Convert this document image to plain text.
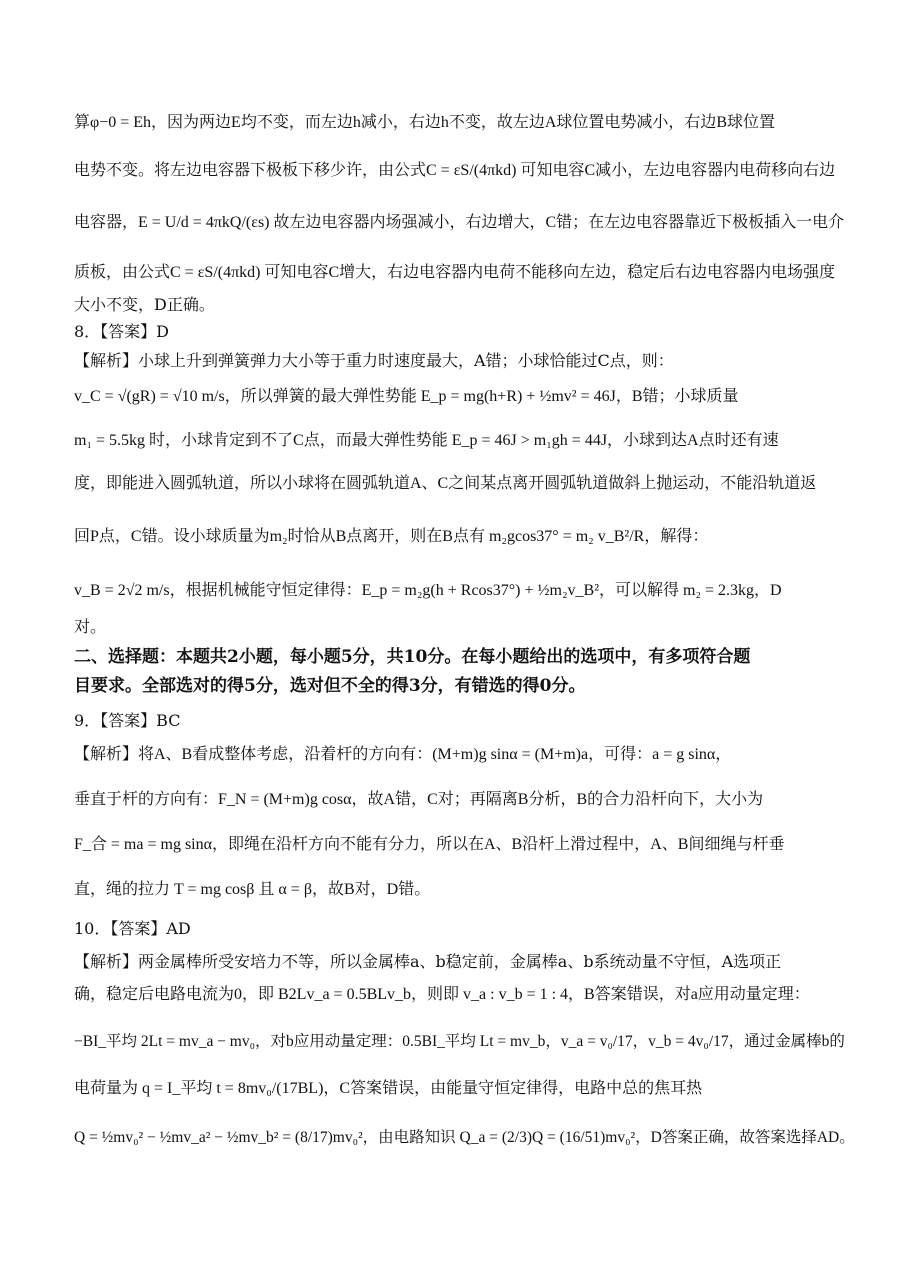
算φ−0 = Eh，因为两边E均不变，而左边h减小，右边h不变，故左边A球位置电势减小，右边B球位置
电势不变。将左边电容器下极板下移少许，由公式C = εS/(4πkd) 可知电容C减小，左边电容器内电荷移向右边
电容器，E = U/d = 4πkQ/(εs) 故左边电容器内场强减小，右边增大，C错；在左边电容器靠近下极板插入一电介
质板，由公式C = εS/(4πkd) 可知电容C增大，右边电容器内电荷不能移向左边，稳定后右边电容器内电场强度
大小不变，D正确。
8．【答案】D
【解析】小球上升到弹簧弹力大小等于重力时速度最大，A错；小球恰能过C点，则：
v_C = √(gR) = √10 m/s，所以弹簧的最大弹性势能 E_p = mg(h+R) + ½mv² = 46J，B错；小球质量
m₁ = 5.5kg 时，小球肯定到不了C点，而最大弹性势能 E_p = 46J > m₁gh = 44J，小球到达A点时还有速
度，即能进入圆弧轨道，所以小球将在圆弧轨道A、C之间某点离开圆弧轨道做斜上抛运动，不能沿轨道返
回P点，C错。设小球质量为m₂时恰从B点离开，则在B点有 m₂gcos37° = m₂ v_B²/R，解得：
v_B = 2√2 m/s，根据机械能守恒定律得：E_p = m₂g(h + Rcos37°) + ½m₂v_B²，可以解得 m₂ = 2.3kg，D
对。
二、选择题：本题共2小题，每小题5分，共10分。在每小题给出的选项中，有多项符合题
目要求。全部选对的得5分，选对但不全的得3分，有错选的得0分。
9．【答案】BC
【解析】将A、B看成整体考虑，沿着杆的方向有：(M+m)g sinα = (M+m)a，可得：a = g sinα，
垂直于杆的方向有：F_N = (M+m)g cosα，故A错，C对；再隔离B分析，B的合力沿杆向下，大小为
F_合 = ma = mg sinα，即绳在沿杆方向不能有分力，所以在A、B沿杆上滑过程中，A、B间细绳与杆垂
直，绳的拉力 T = mg cosβ 且 α = β，故B对，D错。
10．【答案】AD
【解析】两金属棒所受安培力不等，所以金属棒a、b稳定前，金属棒a、b系统动量不守恒，A选项正
确，稳定后电路电流为0，即 B2Lv_a = 0.5BLv_b，则即 v_a : v_b = 1 : 4，B答案错误，对a应用动量定理：
−BI_平均 2Lt = mv_a − mv₀，对b应用动量定理：0.5BI_平均 Lt = mv_b，v_a = v₀/17，v_b = 4v₀/17，通过金属棒b的
电荷量为 q = I_平均 t = 8mv₀/(17BL)，C答案错误，由能量守恒定律得，电路中总的焦耳热
Q = ½mv₀² − ½mv_a² − ½mv_b² = (8/17)mv₀²，由电路知识 Q_a = (2/3)Q = (16/51)mv₀²，D答案正确，故答案选择AD。
